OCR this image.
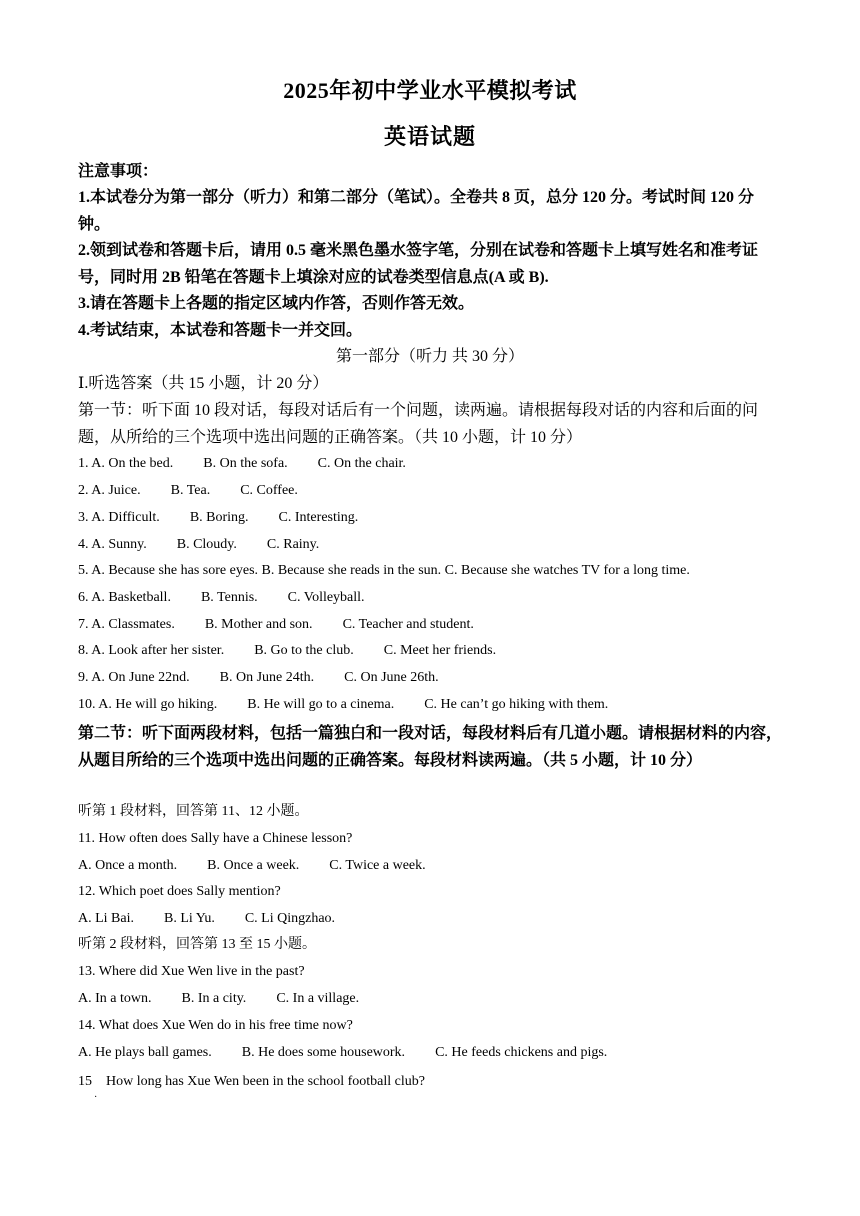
2025年初中学业水平模拟考试
英语试题
注意事项：
1.本试卷分为第一部分（听力）和第二部分（笔试）。全卷共 8 页，总分 120 分。考试时间 120 分钟。
2.领到试卷和答题卡后，请用 0.5 毫米黑色墨水签字笔，分别在试卷和答题卡上填写姓名和准考证号，同时用 2B 铅笔在答题卡上填涂对应的试卷类型信息点(A 或 B).
3.请在答题卡上各题的指定区域内作答，否则作答无效。
4.考试结束，本试卷和答题卡一并交回。
第一部分（听力 共 30 分）
Ⅰ.听选答案（共 15 小题，计 20 分）
第一节：听下面 10 段对话，每段对话后有一个问题，读两遍。请根据每段对话的内容和后面的问题，从所给的三个选项中选出问题的正确答案。（共 10 小题，计 10 分）
1. A. On the bed. B. On the sofa. C. On the chair.
2. A. Juice. B. Tea. C. Coffee.
3. A. Difficult. B. Boring. C. Interesting.
4. A. Sunny. B. Cloudy. C. Rainy.
5. A. Because she has sore eyes. B. Because she reads in the sun. C. Because she watches TV for a long time.
6. A. Basketball. B. Tennis. C. Volleyball.
7. A. Classmates. B. Mother and son. C. Teacher and student.
8. A. Look after her sister. B. Go to the club. C. Meet her friends.
9. A. On June 22nd. B. On June 24th. C. On June 26th.
10. A. He will go hiking. B. He will go to a cinema. C. He can’t go hiking with them.
第二节：听下面两段材料，包括一篇独白和一段对话，每段材料后有几道小题。请根据材料的内容，从题目所给的三个选项中选出问题的正确答案。每段材料读两遍。（共 5 小题，计 10 分）
听第 1 段材料，回答第 11、12 小题。
11. How often does Sally have a Chinese lesson?
A. Once a month. B. Once a week. C. Twice a week.
12. Which poet does Sally mention?
A. Li Bai. B. Li Yu. C. Li Qingzhao.
听第 2 段材料，回答第 13 至 15 小题。
13. Where did Xue Wen live in the past?
A. In a town. B. In a city. C. In a village.
14. What does Xue Wen do in his free time now?
A. He plays ball games. B. He does some housework. C. He feeds chickens and pigs.
15    How long has Xue Wen been in the school football club?
·
